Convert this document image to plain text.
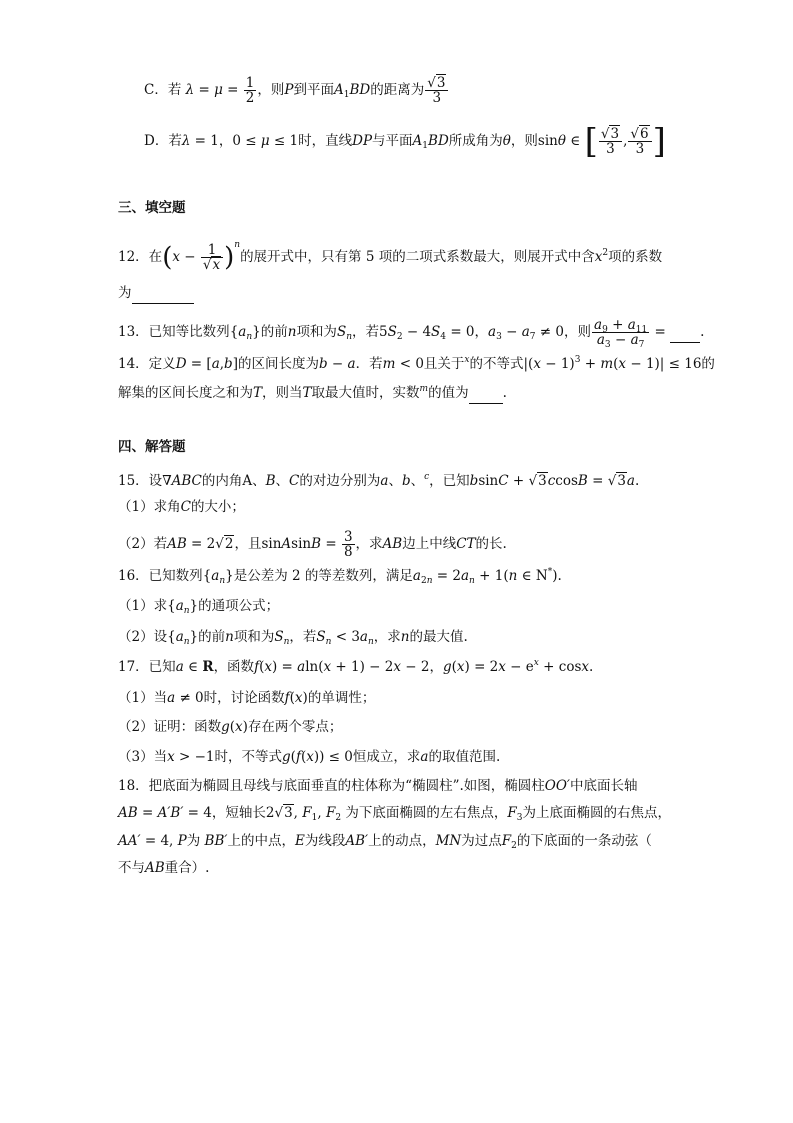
C．若 $\lambda = \mu = \frac{1}{2}$ ，则P到平面$A_1BD$的距离为 $\frac{√3}{3}$
D．若λ = 1，0 ≤ μ ≤ 1时，直线DP与平面$A_1BD$所成角为θ，则sinθ ∈ [ $\frac{√3}{3}$ , $\frac{√6}{3}$ ]
三、填空题
12．在$(x - \frac{1}{√x} )^n$的展开式中，只有第 5 项的二项式系数最大，则展开式中含$x^2$项的系数
为
13．已知等比数列$\{a_n\}$的前n项和为$S_n$，若$5S_2 - 4S_4 = 0$，$a_3 - a_7 \ne 0$，则 $\frac{a_9 + a_{11}}{a_3 - a_7}$ =  .
14．定义D = [a,b]的区间长度为b − a．若m < 0且关于$^x$的不等式$|(x - 1)^3 + m(x - 1)| \le 16$的
解集的区间长度之和为T，则当T取最大值时，实数$^m$的值为	.
四、解答题
15．设∇ABC的内角A、B、C的对边分别为a、b、$^c$，已知bsinC + √3ccosB = √3a.
（1）求角C的大小；
（2）若AB = 2√2，且sinAsinB = $\frac{3}{8}$ ，求AB边上中线CT的长.
16．已知数列$\{a_n\}$是公差为 2 的等差数列，满足$a_{2n} = 2a_n + 1(n$ ∈ N*).
（1）求$\{a_n\}$的通项公式；
（2）设$\{a_n\}$的前n项和为$S_n$，若$S_n < 3a_n$，求n的最大值.
17．已知a ∈ R，函数f(x) = aln(x + 1) − 2x − 2，$g(x) = 2x - e^x + \cos x$.
（1）当a ≠ 0时，讨论函数f(x)的单调性；
（2）证明：函数g(x)存在两个零点；
（3）当x > −1时，不等式g(f(x)) ≤ 0恒成立，求a的取值范围.
18．把底面为椭圆且母线与底面垂直的柱体称为“椭圆柱”.如图，椭圆柱OO′中底面长轴
AB = A′B′ = 4，短轴长2√3, $F_1$, $F_2$ 为下底面椭圆的左右焦点，$F_3$为上底面椭圆的右焦点，
AA′ = 4, P为 BB′上的中点，E为线段AB′上的动点，MN为过点$F_2$的下底面的一条动弦（
不与AB重合）.
